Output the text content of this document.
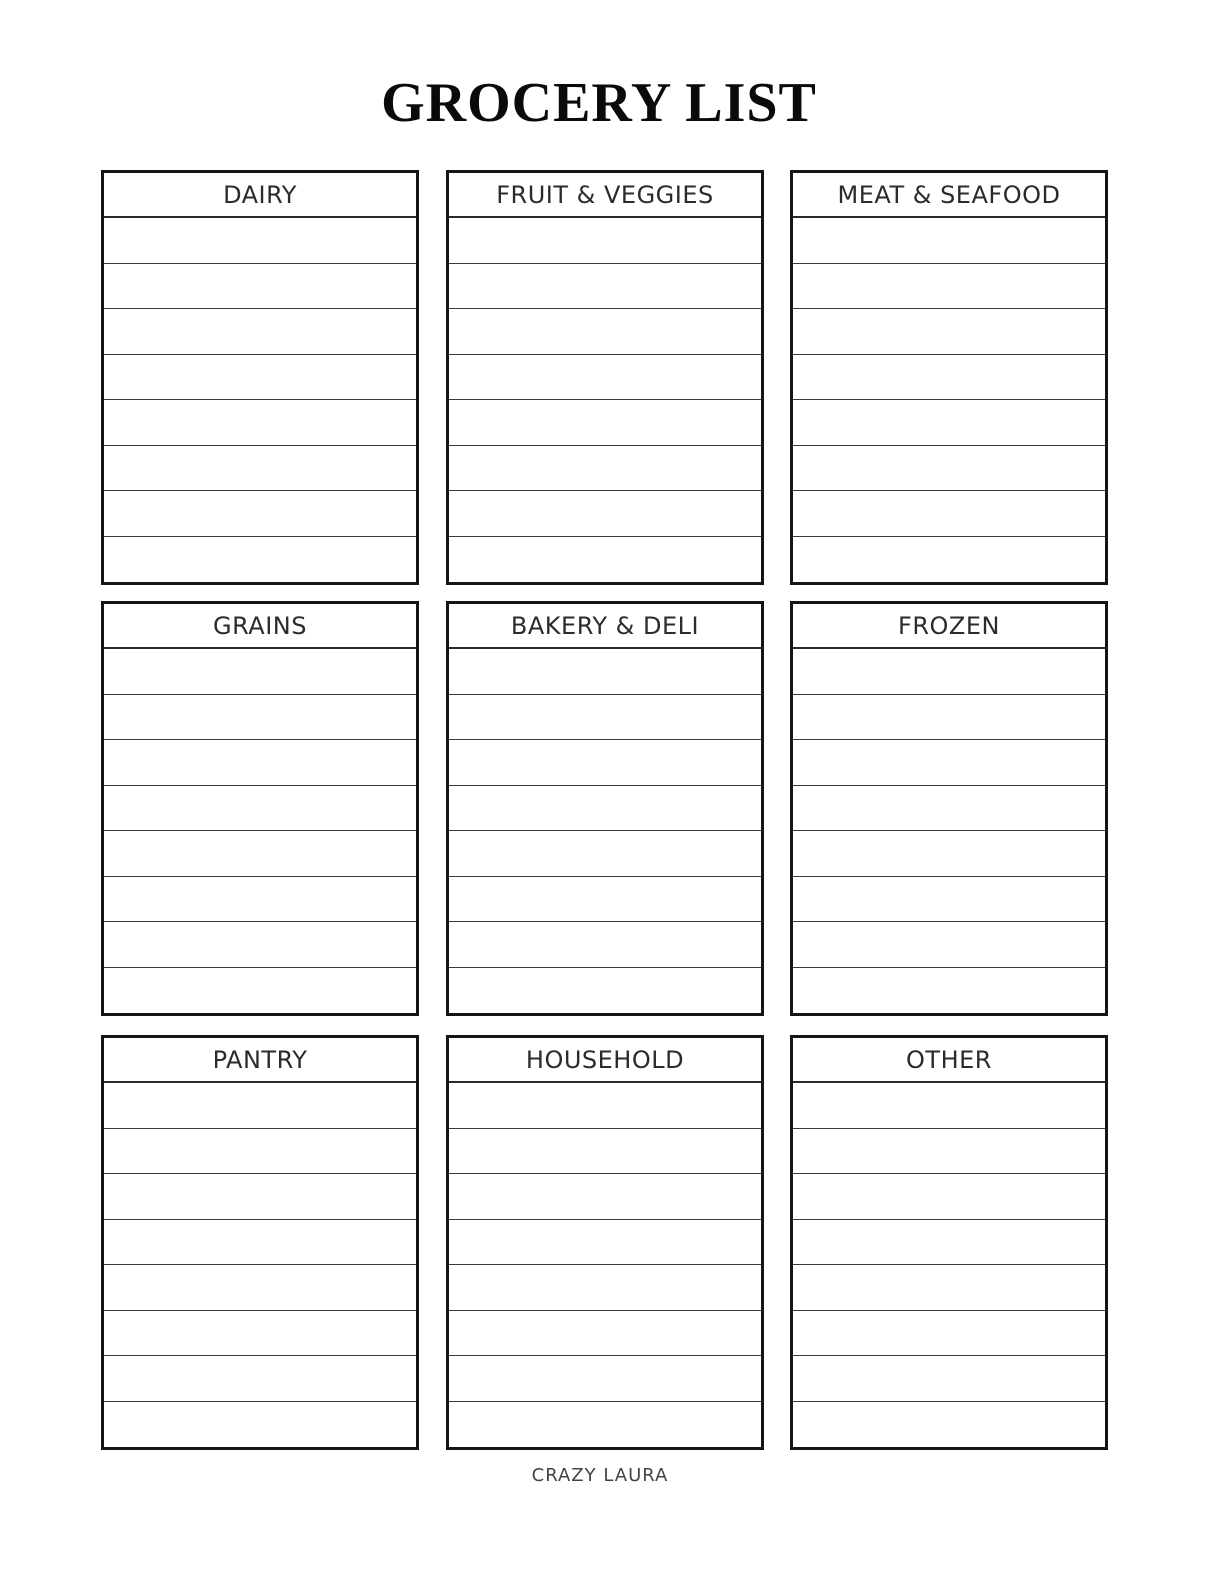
GROCERY LIST
DAIRY	FRUIT & VEGGIES	MEAT & SEAFOOD
GRAINS	BAKERY & DELI	FROZEN
PANTRY	HOUSEHOLD	OTHER
CRAZY LAURA
